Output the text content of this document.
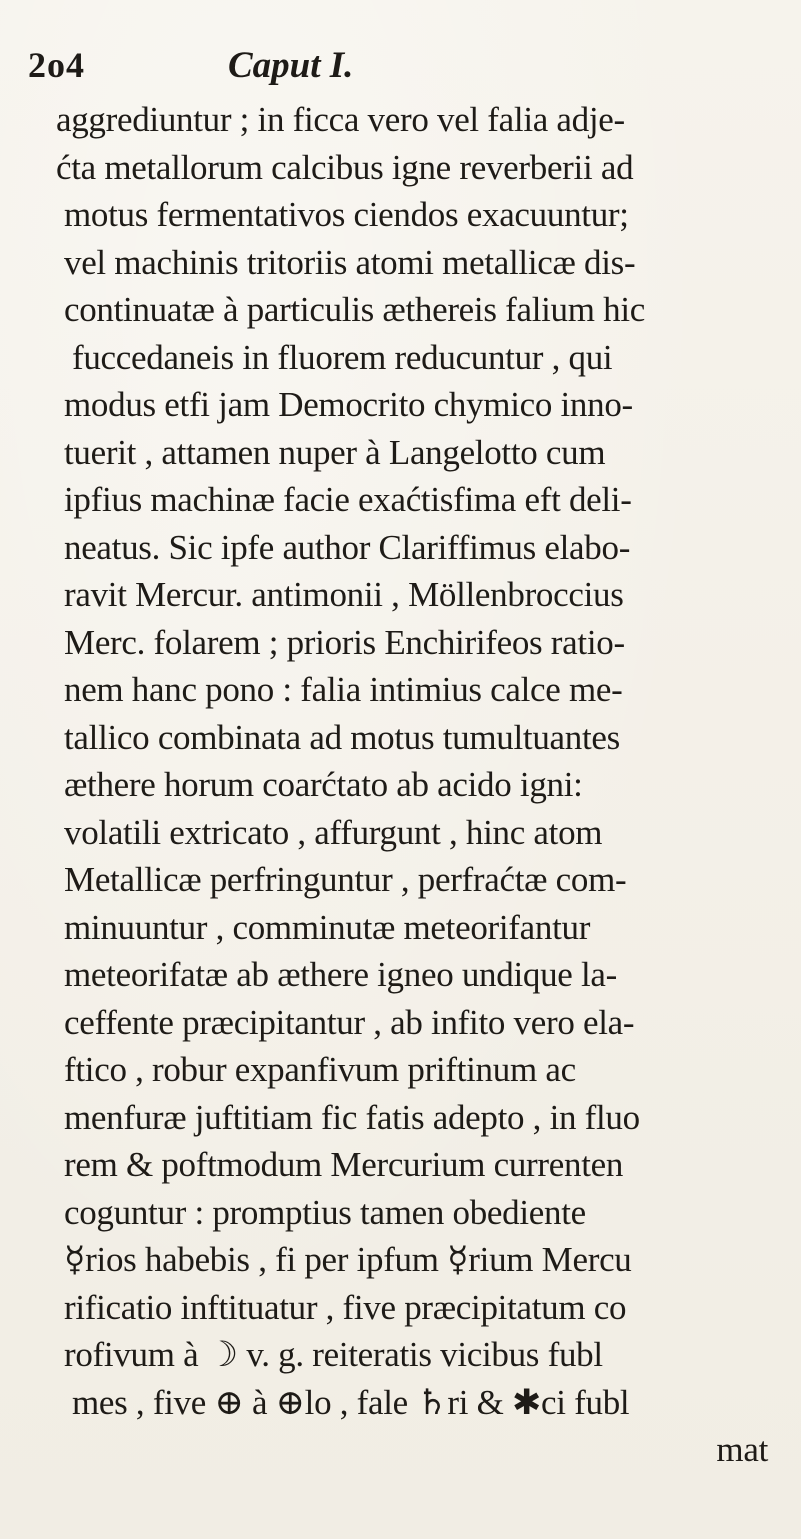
2o4	Caput I.
aggrediuntur ; in ficca vero vel falia adje-
ćta metallorum calcibus igne reverberii ad
motus fermentativos ciendos exacuuntur;
vel machinis tritoriis atomi metallicæ dis-
continuatæ à particulis æthereis falium hic
fuccedaneis in fluorem reducuntur , qui
modus etfi jam Democrito chymico inno-
tuerit , attamen nuper à Langelotto cum
ipfius machinæ facie exaćtisfima eft deli-
neatus. Sic ipfe author Clariffimus elabo-
ravit Mercur. antimonii , Möllenbroccius
Merc. folarem ; prioris Enchirifeos ratio-
nem hanc pono : falia intimius calce me-
tallico combinata ad motus tumultuantes
æthere horum coarćtato ab acido igni:
volatili extricato , affurgunt , hinc atom
Metallicæ perfringuntur , perfraćtæ com-
minuuntur , comminutæ meteorifantur
meteorifatæ ab æthere igneo undique la-
ceffente præcipitantur , ab infito vero ela-
ftico , robur expanfivum priftinum ac
menfuræ juftitiam fic fatis adepto , in fluo
rem & poftmodum Mercurium currenten
coguntur : promptius tamen obediente
☿rios habebis , fi per ipfum ☿rium Mercu
rificatio inftituatur , five præcipitatum co
rofivum à ☽ v. g. reiteratis vicibus fubl
mes , five ⊕ à ⊕lo , fale ♄ri & ✱ci fubl
mat
